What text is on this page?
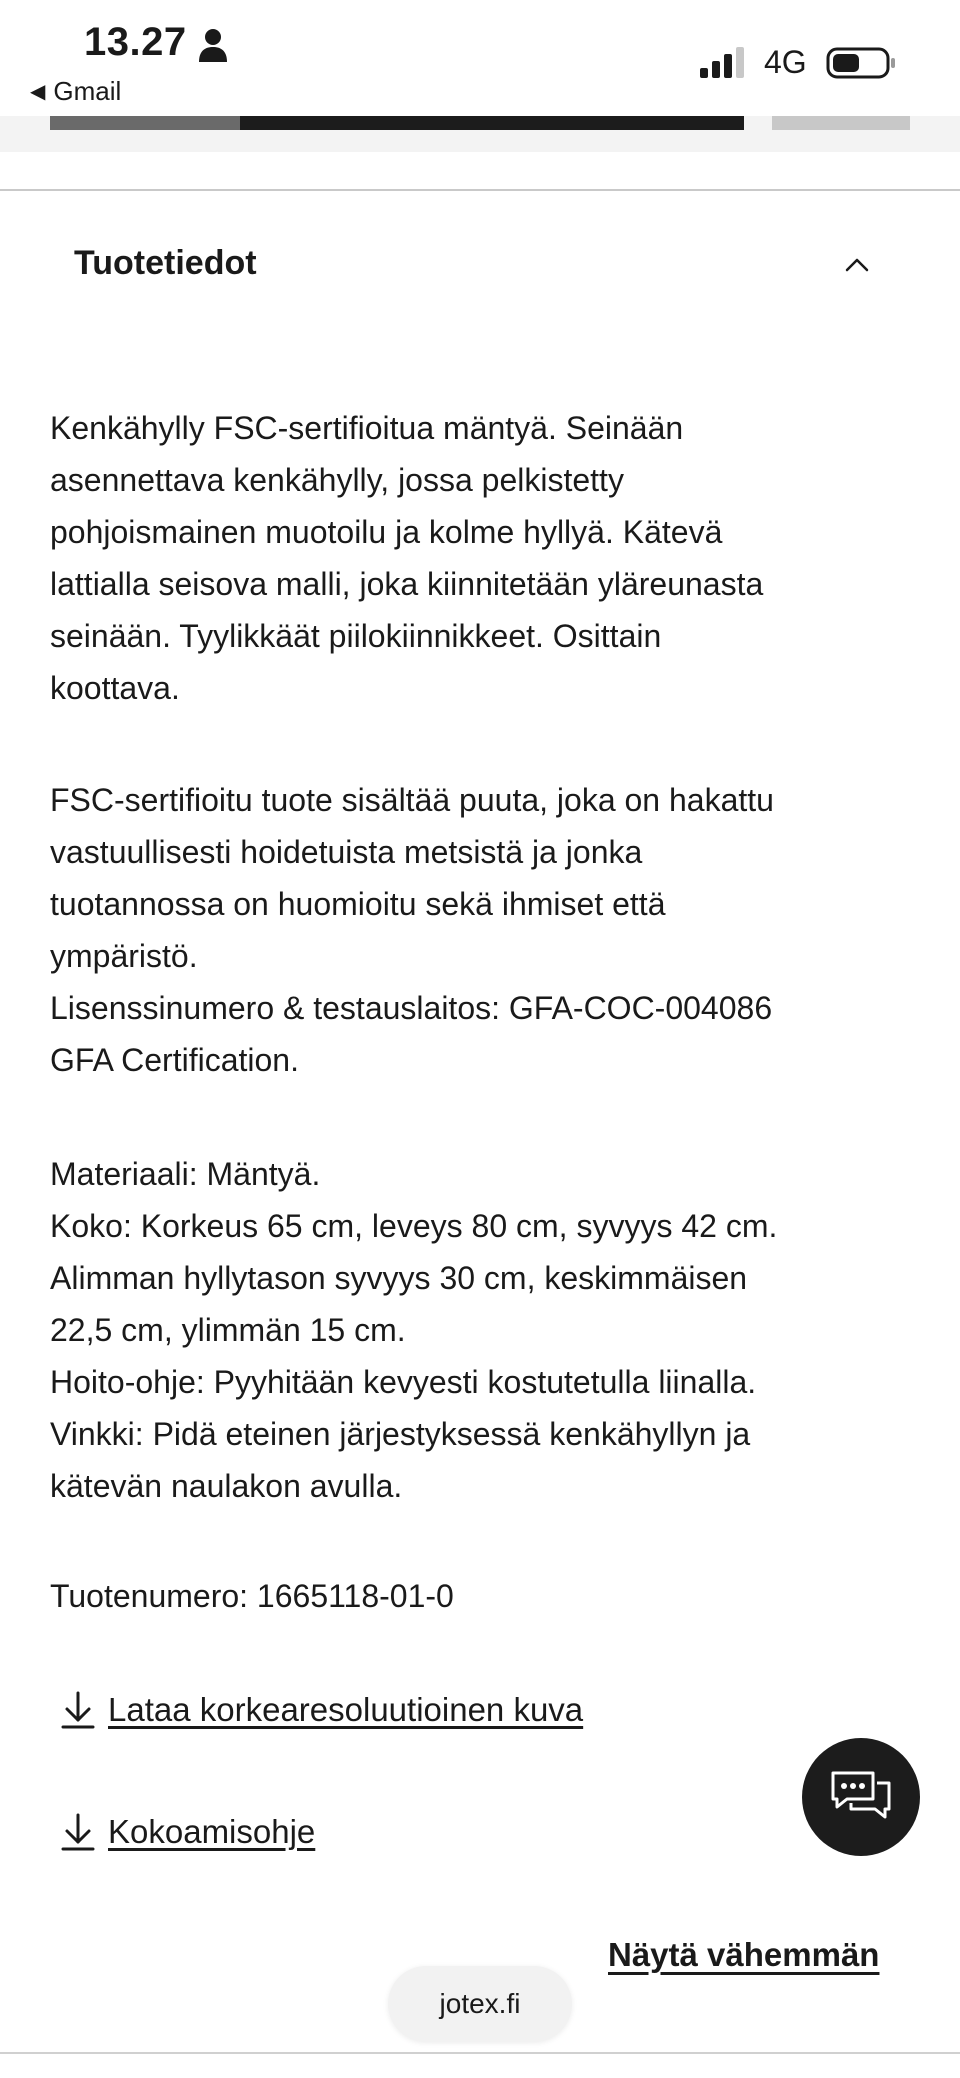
13.27
◀ Gmail
4G
Tuotetiedot
Kenkähylly FSC-sertifioitua mäntyä. Seinään
asennettava kenkähylly, jossa pelkistetty
pohjoismainen muotoilu ja kolme hyllyä. Kätevä
lattialla seisova malli, joka kiinnitetään yläreunasta
seinään. Tyylikkäät piilokiinnikkeet. Osittain
koottava.
FSC-sertifioitu tuote sisältää puuta, joka on hakattu
vastuullisesti hoidetuista metsistä ja jonka
tuotannossa on huomioitu sekä ihmiset että
ympäristö.
Lisenssinumero & testauslaitos: GFA-COC-004086
GFA Certification.
Materiaali: Mäntyä.
Koko: Korkeus 65 cm, leveys 80 cm, syvyys 42 cm.
Alimman hyllytason syvyys 30 cm, keskimmäisen
22,5 cm, ylimmän 15 cm.
Hoito-ohje: Pyyhitään kevyesti kostutetulla liinalla.
Vinkki: Pidä eteinen järjestyksessä kenkähyllyn ja
kätevän naulakon avulla.
Tuotenumero: 1665118-01-0
Lataa korkearesoluutioinen kuva
Kokoamisohje
Näytä vähemmän
jotex.fi
